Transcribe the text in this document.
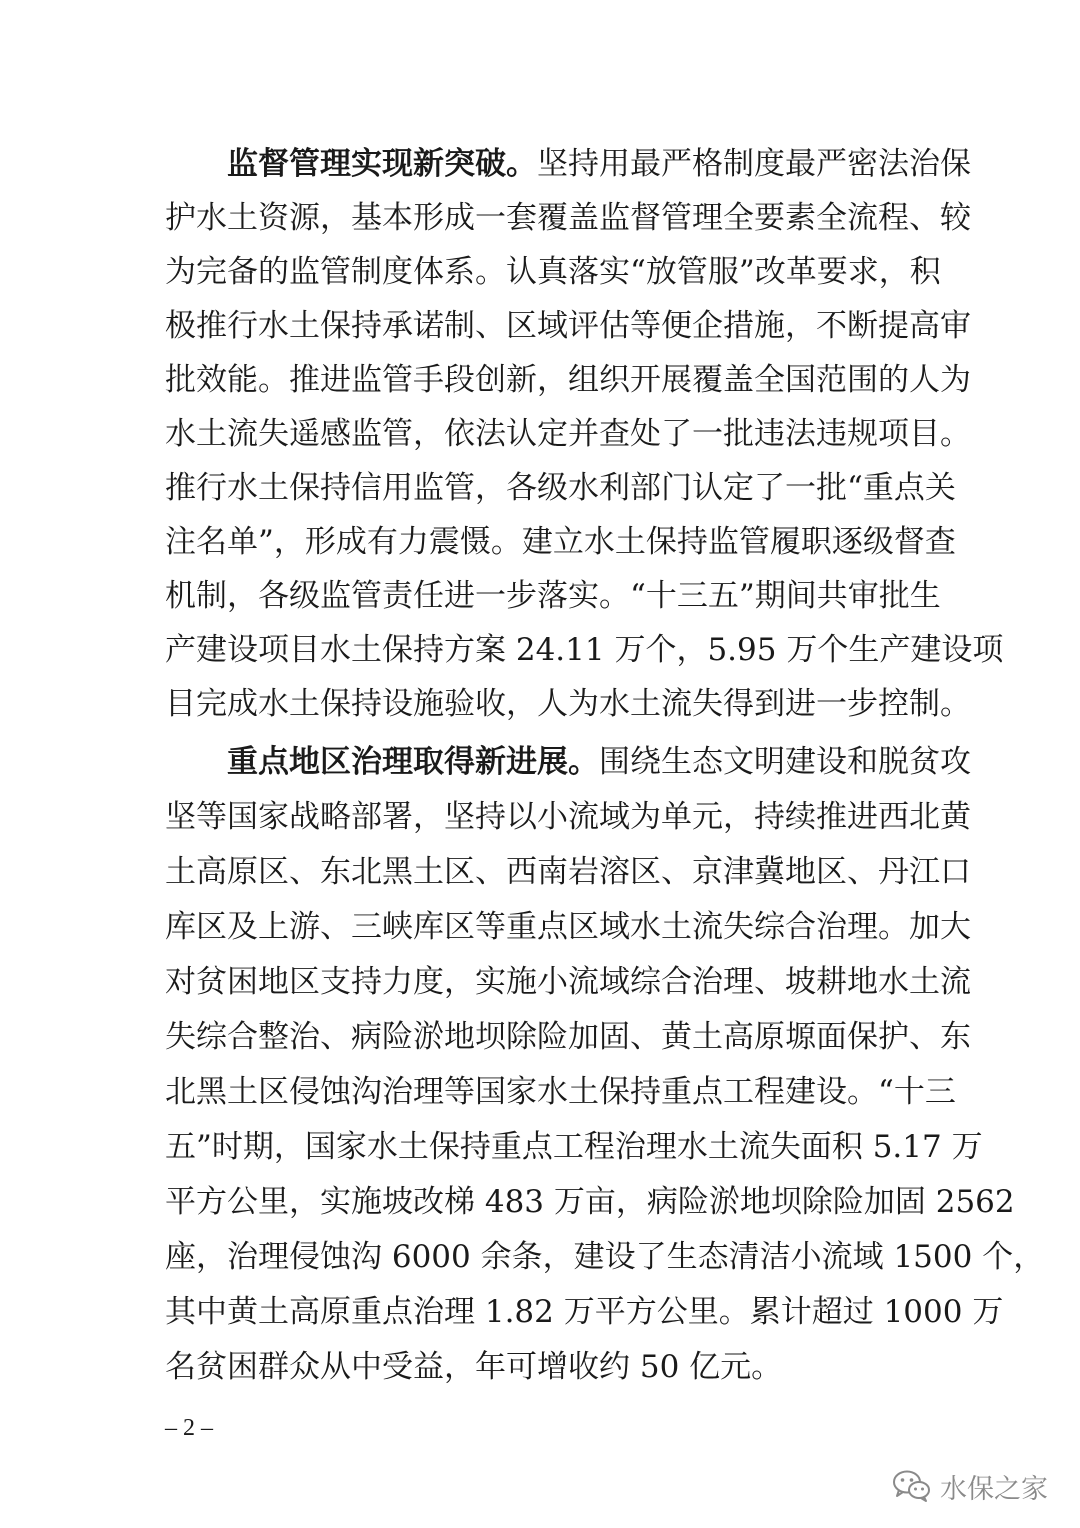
监督管理实现新突破。坚持用最严格制度最严密法治保
护水土资源，基本形成一套覆盖监督管理全要素全流程、较
为完备的监管制度体系。认真落实“放管服”改革要求，积
极推行水土保持承诺制、区域评估等便企措施，不断提高审
批效能。推进监管手段创新，组织开展覆盖全国范围的人为
水土流失遥感监管，依法认定并查处了一批违法违规项目。
推行水土保持信用监管，各级水利部门认定了一批“重点关
注名单”，形成有力震慑。建立水土保持监管履职逐级督查
机制，各级监管责任进一步落实。“十三五”期间共审批生
产建设项目水土保持方案 24.11 万个，5.95 万个生产建设项
目完成水土保持设施验收，人为水土流失得到进一步控制。
重点地区治理取得新进展。围绕生态文明建设和脱贫攻
坚等国家战略部署，坚持以小流域为单元，持续推进西北黄
土高原区、东北黑土区、西南岩溶区、京津冀地区、丹江口
库区及上游、三峡库区等重点区域水土流失综合治理。加大
对贫困地区支持力度，实施小流域综合治理、坡耕地水土流
失综合整治、病险淤地坝除险加固、黄土高原塬面保护、东
北黑土区侵蚀沟治理等国家水土保持重点工程建设。“十三
五”时期，国家水土保持重点工程治理水土流失面积 5.17 万
平方公里，实施坡改梯 483 万亩，病险淤地坝除险加固 2562
座，治理侵蚀沟 6000 余条，建设了生态清洁小流域 1500 个，
其中黄土高原重点治理 1.82 万平方公里。累计超过 1000 万
名贫困群众从中受益，年可增收约 50 亿元。
– 2 –
水保之家
